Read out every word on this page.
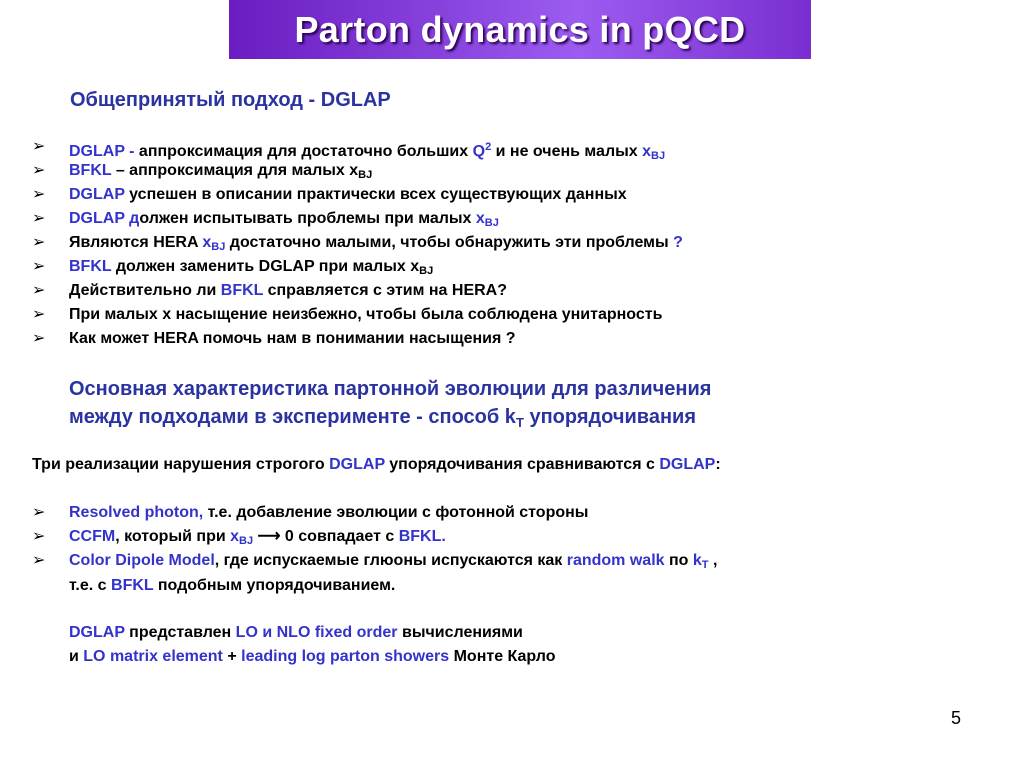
Parton dynamics in pQCD
Общепринятый подход - DGLAP
➢ DGLAP - аппроксимация для достаточно больших $Q^2$ и не очень малых $x_{BJ}$
➢ BFKL – аппроксимация для малых $x_{BJ}$
➢ DGLAP успешен в описании практически всех существующих данных
➢ DGLAP должен испытывать проблемы при малых $x_{BJ}$
➢ Являются HERA $x_{BJ}$ достаточно малыми, чтобы обнаружить эти проблемы ?
➢ BFKL должен заменить DGLAP при малых $x_{BJ}$
➢ Действительно ли BFKL справляется с этим на HERA?
➢ При малых x насыщение неизбежно, чтобы была соблюдена унитарность
➢ Как может HERA помочь нам в понимании насыщения ?
Основная характеристика партонной эволюции для различения
между подходами в эксперименте - способ $k_T$ упорядочивания
Три реализации нарушения строгого DGLAP упорядочивания сравниваются с DGLAP:
➢ Resolved photon, т.е. добавление эволюции с фотонной стороны
➢ CCFM, который при $x_{BJ}$ ⟶ 0 совпадает с BFKL.
➢ Color Dipole Model, где испускаемые глюоны испускаются как random walk по $k_T$ ,
т.е. с BFKL подобным упорядочиванием.
DGLAP представлен LO и NLO fixed order вычислениями
и LO matrix element + leading log parton showers Монте Карло
5
